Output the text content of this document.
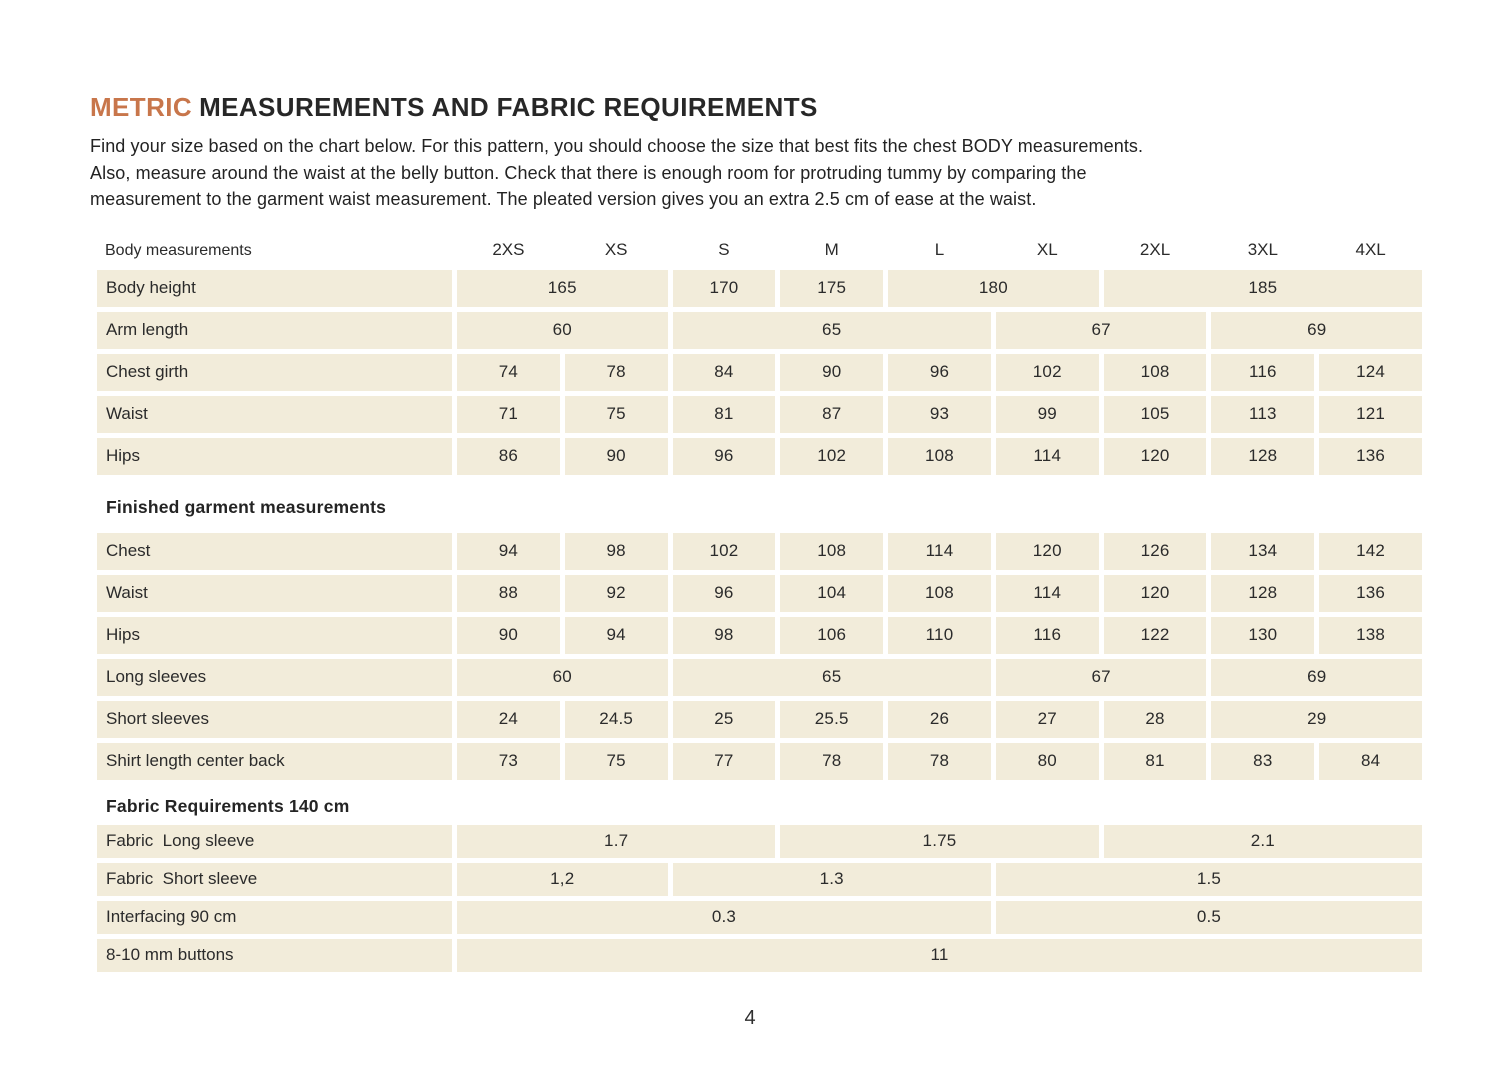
METRIC MEASUREMENTS AND FABRIC REQUIREMENTS
Find your size based on the chart below. For this pattern, you should choose the size that best fits the chest BODY measurements.
Also, measure around the waist at the belly button. Check that there is enough room for protruding tummy by comparing the
measurement to the garment waist measurement. The pleated version gives you an extra 2.5 cm of ease at the waist.
Body measurements	2XS	XS	S	M	L	XL	2XL	3XL	4XL
Body height	165	170	175	180	185
Arm length	60	65	67	69
Chest girth	74	78	84	90	96	102	108	116	124
Waist	71	75	81	87	93	99	105	113	121
Hips	86	90	96	102	108	114	120	128	136
Finished garment measurements
Chest	94	98	102	108	114	120	126	134	142
Waist	88	92	96	104	108	114	120	128	136
Hips	90	94	98	106	110	116	122	130	138
Long sleeves	60	65	67	69
Short sleeves	24	24.5	25	25.5	26	27	28	29
Shirt length center back	73	75	77	78	78	80	81	83	84
Fabric Requirements 140 cm
Fabric  Long sleeve	1.7	1.75	2.1
Fabric  Short sleeve	1,2	1.3	1.5
Interfacing 90 cm	0.3	0.5
8-10 mm buttons	11
4
